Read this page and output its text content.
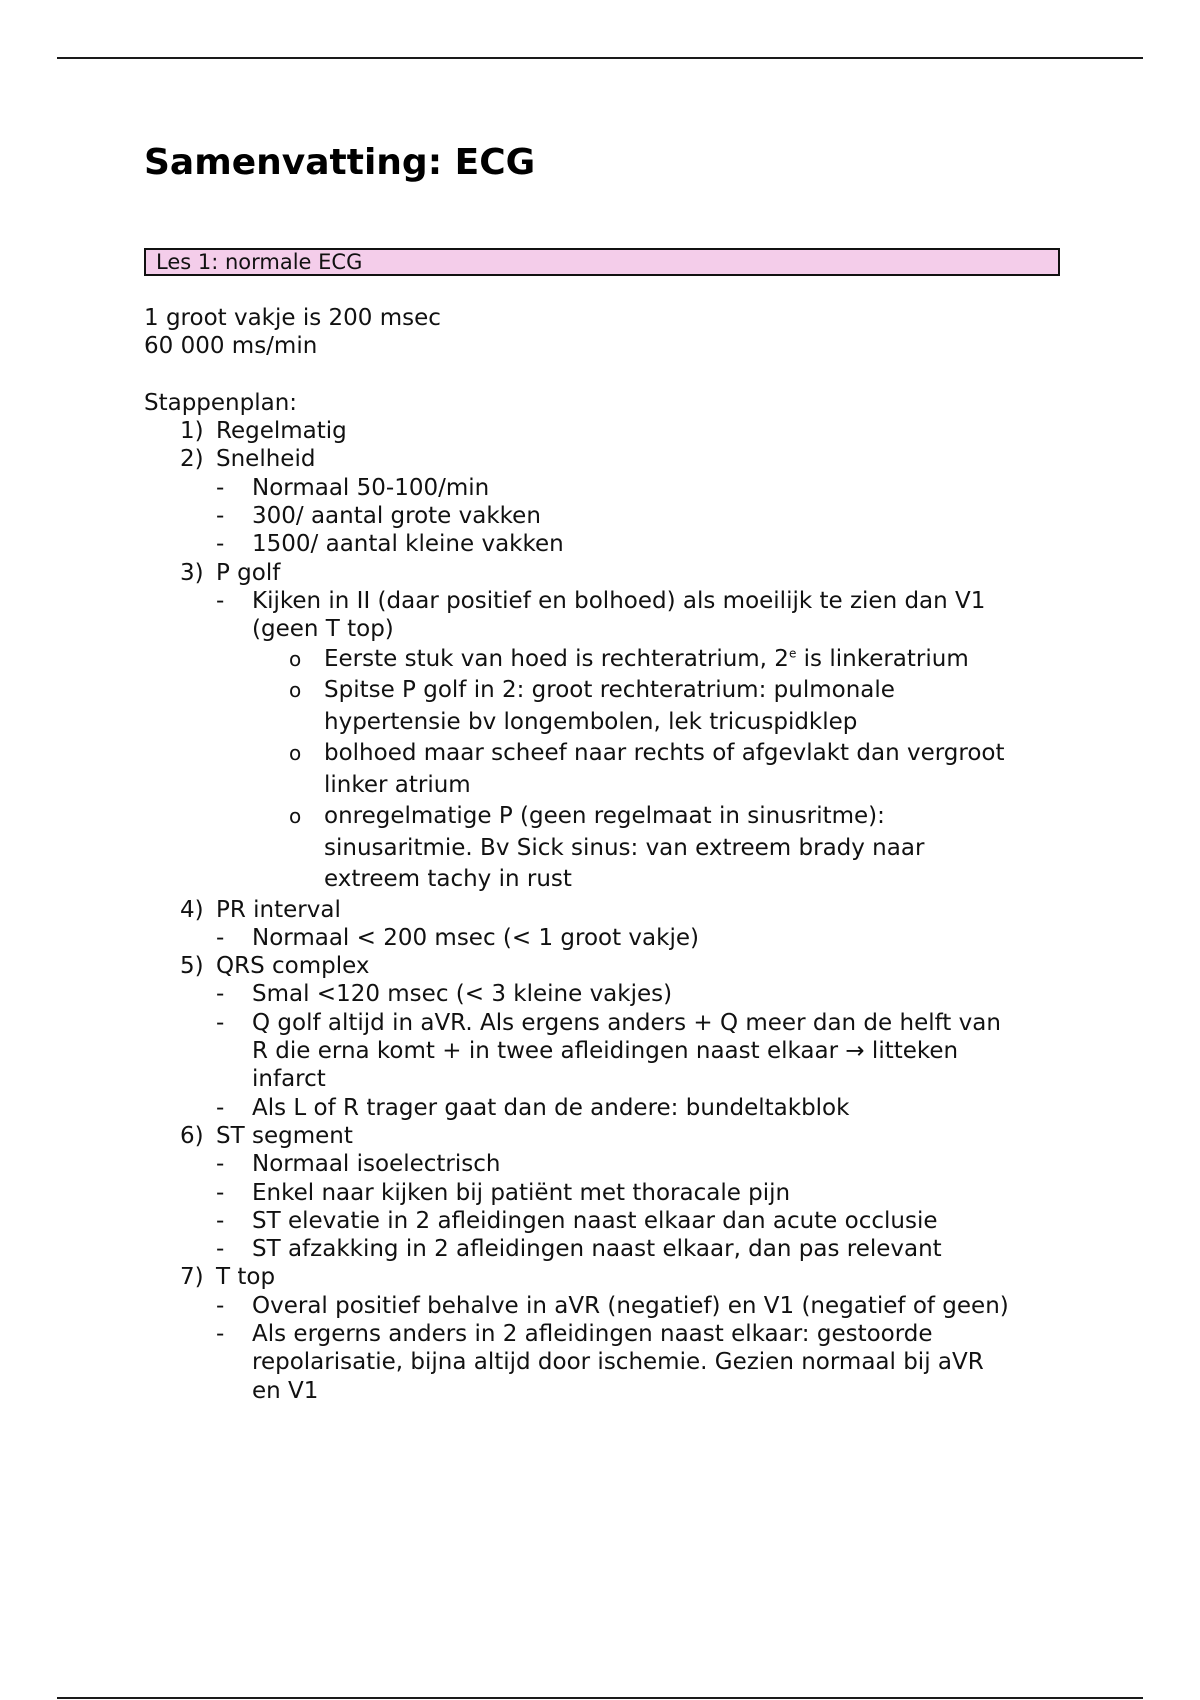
Samenvatting: ECG
Les 1: normale ECG
1 groot vakje is 200 msec
60 000 ms/min
Stappenplan:
1) Regelmatig
2) Snelheid
- Normaal 50-100/min
- 300/ aantal grote vakken
- 1500/ aantal kleine vakken
3) P golf
- Kijken in II (daar positief en bolhoed) als moeilijk te zien dan V1
(geen T top)
o Eerste stuk van hoed is rechteratrium, 2e is linkeratrium
o Spitse P golf in 2: groot rechteratrium: pulmonale
hypertensie bv longembolen, lek tricuspidklep
o bolhoed maar scheef naar rechts of afgevlakt dan vergroot
linker atrium
o onregelmatige P (geen regelmaat in sinusritme):
sinusaritmie. Bv Sick sinus: van extreem brady naar
extreem tachy in rust
4) PR interval
- Normaal < 200 msec (< 1 groot vakje)
5) QRS complex
- Smal <120 msec (< 3 kleine vakjes)
- Q golf altijd in aVR. Als ergens anders + Q meer dan de helft van
R die erna komt + in twee afleidingen naast elkaar → litteken
infarct
- Als L of R trager gaat dan de andere: bundeltakblok
6) ST segment
- Normaal isoelectrisch
- Enkel naar kijken bij patiënt met thoracale pijn
- ST elevatie in 2 afleidingen naast elkaar dan acute occlusie
- ST afzakking in 2 afleidingen naast elkaar, dan pas relevant
7) T top
- Overal positief behalve in aVR (negatief) en V1 (negatief of geen)
- Als ergerns anders in 2 afleidingen naast elkaar: gestoorde
repolarisatie, bijna altijd door ischemie. Gezien normaal bij aVR
en V1
